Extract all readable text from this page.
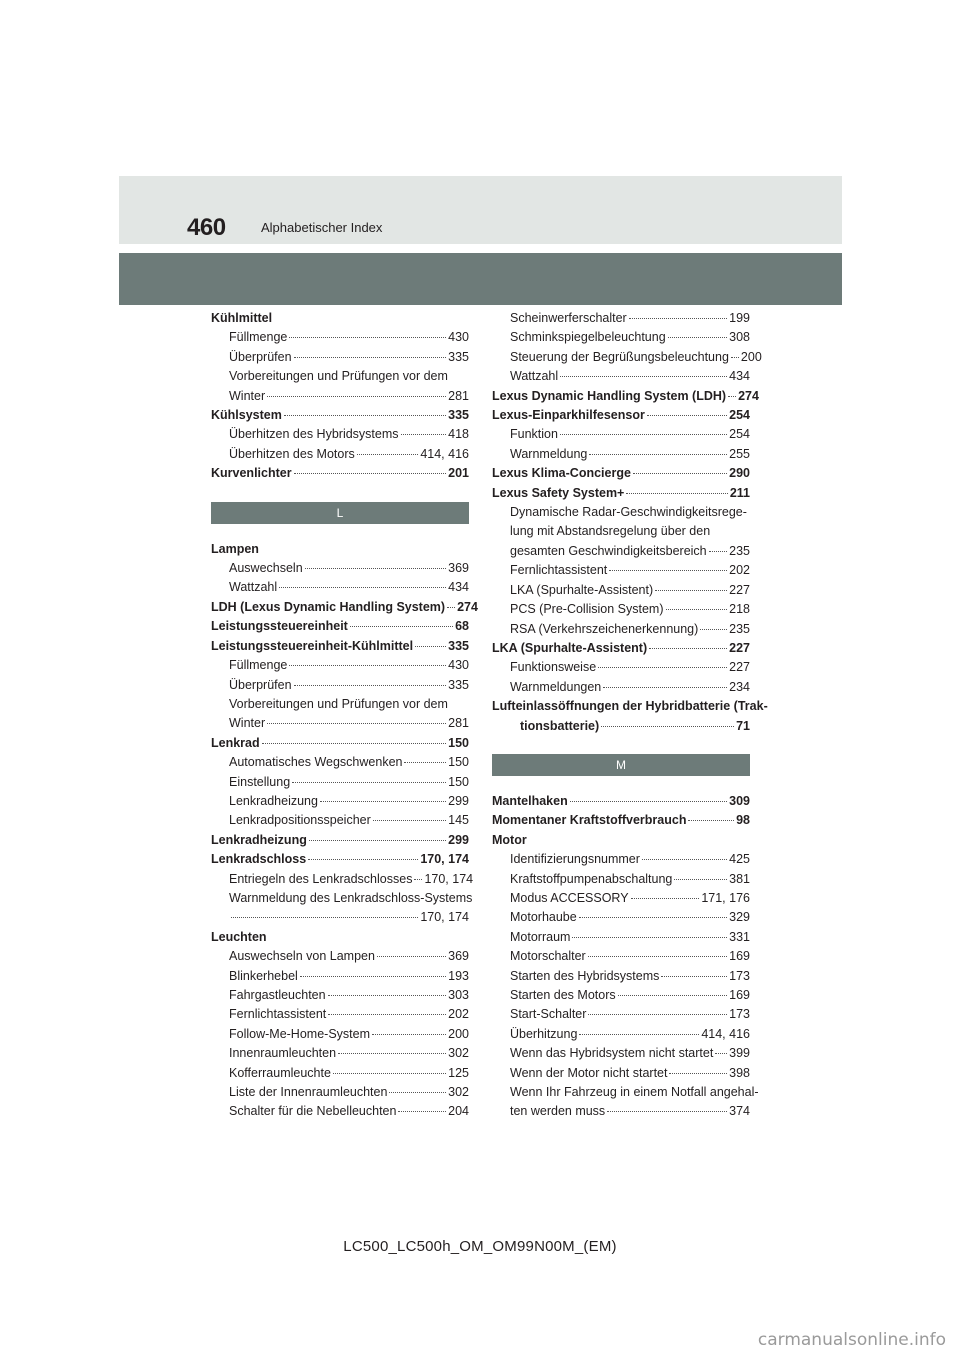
460	Alphabetischer Index
Kühlmittel
Füllmenge	430
Überprüfen	335
Vorbereitungen und Prüfungen vor dem
Winter	281
Kühlsystem	335
Überhitzen des Hybridsystems	418
Überhitzen des Motors	414, 416
Kurvenlichter	201
L
Lampen
Auswechseln	369
Wattzahl	434
LDH (Lexus Dynamic Handling System) 274
Leistungssteuereinheit	68
Leistungssteuereinheit-Kühlmittel	335
Füllmenge	430
Überprüfen	335
Vorbereitungen und Prüfungen vor dem
Winter	281
Lenkrad	150
Automatisches Wegschwenken	150
Einstellung	150
Lenkradheizung	299
Lenkradpositionsspeicher	145
Lenkradheizung	299
Lenkradschloss	170, 174
Entriegeln des Lenkradschlosses 170, 174
Warnmeldung des Lenkradschloss-Systems
170, 174
Leuchten
Auswechseln von Lampen	369
Blinkerhebel	193
Fahrgastleuchten	303
Fernlichtassistent	202
Follow-Me-Home-System	200
Innenraumleuchten	302
Kofferraumleuchte	125
Liste der Innenraumleuchten	302
Schalter für die Nebelleuchten	204
Scheinwerferschalter	199
Schminkspiegelbeleuchtung	308
Steuerung der Begrüßungsbeleuchtung 200
Wattzahl	434
Lexus Dynamic Handling System (LDH) 274
Lexus-Einparkhilfesensor	254
Funktion	254
Warnmeldung	255
Lexus Klima-Concierge	290
Lexus Safety System+	211
Dynamische Radar-Geschwindigkeitsrege-
lung mit Abstandsregelung über den
gesamten Geschwindigkeitsbereich 235
Fernlichtassistent	202
LKA (Spurhalte-Assistent)	227
PCS (Pre-Collision System)	218
RSA (Verkehrszeichenerkennung) 235
LKA (Spurhalte-Assistent)	227
Funktionsweise	227
Warnmeldungen	234
Lufteinlassöffnungen der Hybridbatterie (Trak-
tionsbatterie)	71
M
Mantelhaken	309
Momentaner Kraftstoffverbrauch	98
Motor
Identifizierungsnummer	425
Kraftstoffpumpenabschaltung	381
Modus ACCESSORY	171, 176
Motorhaube	329
Motorraum	331
Motorschalter	169
Starten des Hybridsystems	173
Starten des Motors	169
Start-Schalter	173
Überhitzung	414, 416
Wenn das Hybridsystem nicht startet 399
Wenn der Motor nicht startet	398
Wenn Ihr Fahrzeug in einem Notfall angehal-
ten werden muss	374
LC500_LC500h_OM_OM99N00M_(EM)
carmanualsonline.info
